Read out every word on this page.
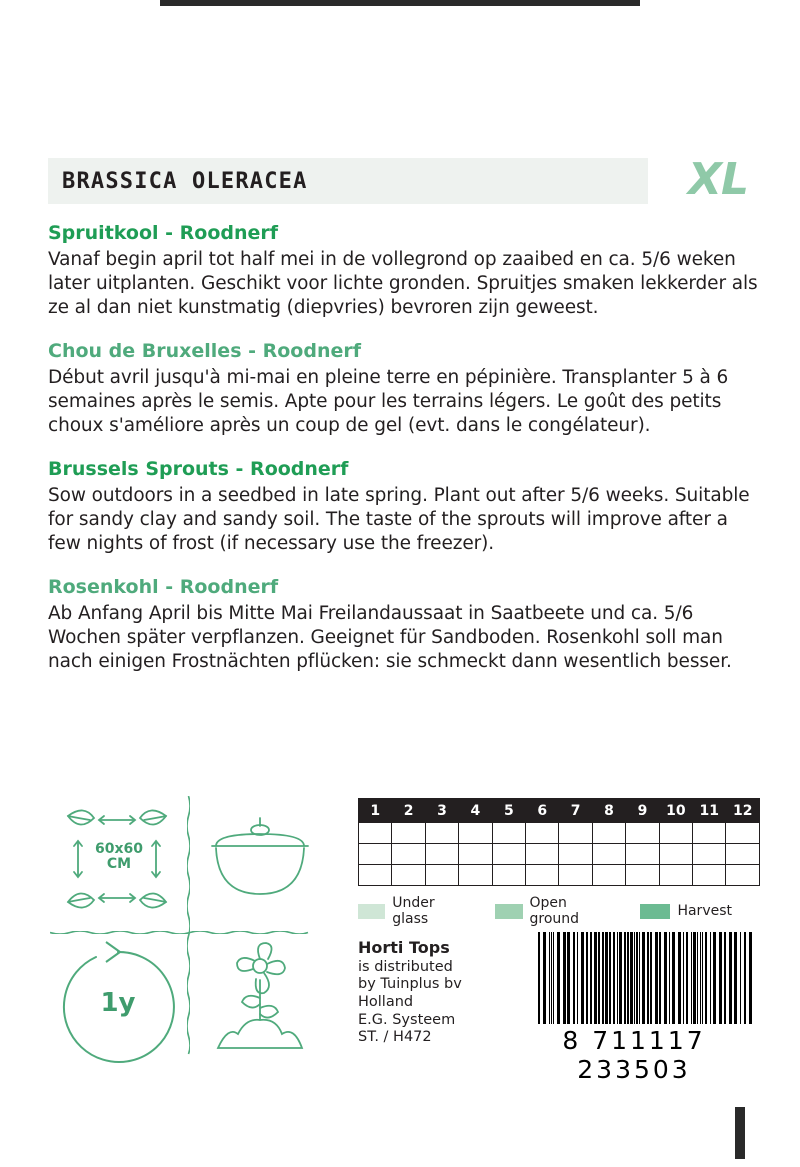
BRASSICA OLERACEA	XL

Spruitkool - Roodnerf

Vanaf begin april tot half mei in de vollegrond op zaaibed en ca. 5/6 weken later uitplanten. Geschikt voor lichte gronden. Spruitjes smaken lekkerder als ze al dan niet kunstmatig (diepvries) bevroren zijn geweest.

Chou de Bruxelles - Roodnerf

Début avril jusqu'à mi-mai en pleine terre en pépinière. Transplanter 5 à 6 semaines après le semis. Apte pour les terrains légers. Le goût des petits choux s'améliore après un coup de gel (evt. dans le congélateur).

Brussels Sprouts - Roodnerf

Sow outdoors in a seedbed in late spring. Plant out after 5/6 weeks. Suitable for sandy clay and sandy soil. The taste of the sprouts will improve after a few nights of frost (if necessary use the freezer).

Rosenkohl - Roodnerf

Ab Anfang April bis Mitte Mai Freilandaussaat in Saatbeete und ca. 5/6 Wochen später verpflanzen. Geeignet für Sandboden. Rosenkohl soll man nach einigen Frostnächten pflücken: sie schmeckt dann wesentlich besser.

60x60
CM
1y
1	2	3	4	5	6	7	8	9	10	11	12

Under glass
Open ground	Harvest
Horti Tops
is distributed
by Tuinplus bv
Holland
E.G. Systeem
ST. / H472	8 711117 233503
